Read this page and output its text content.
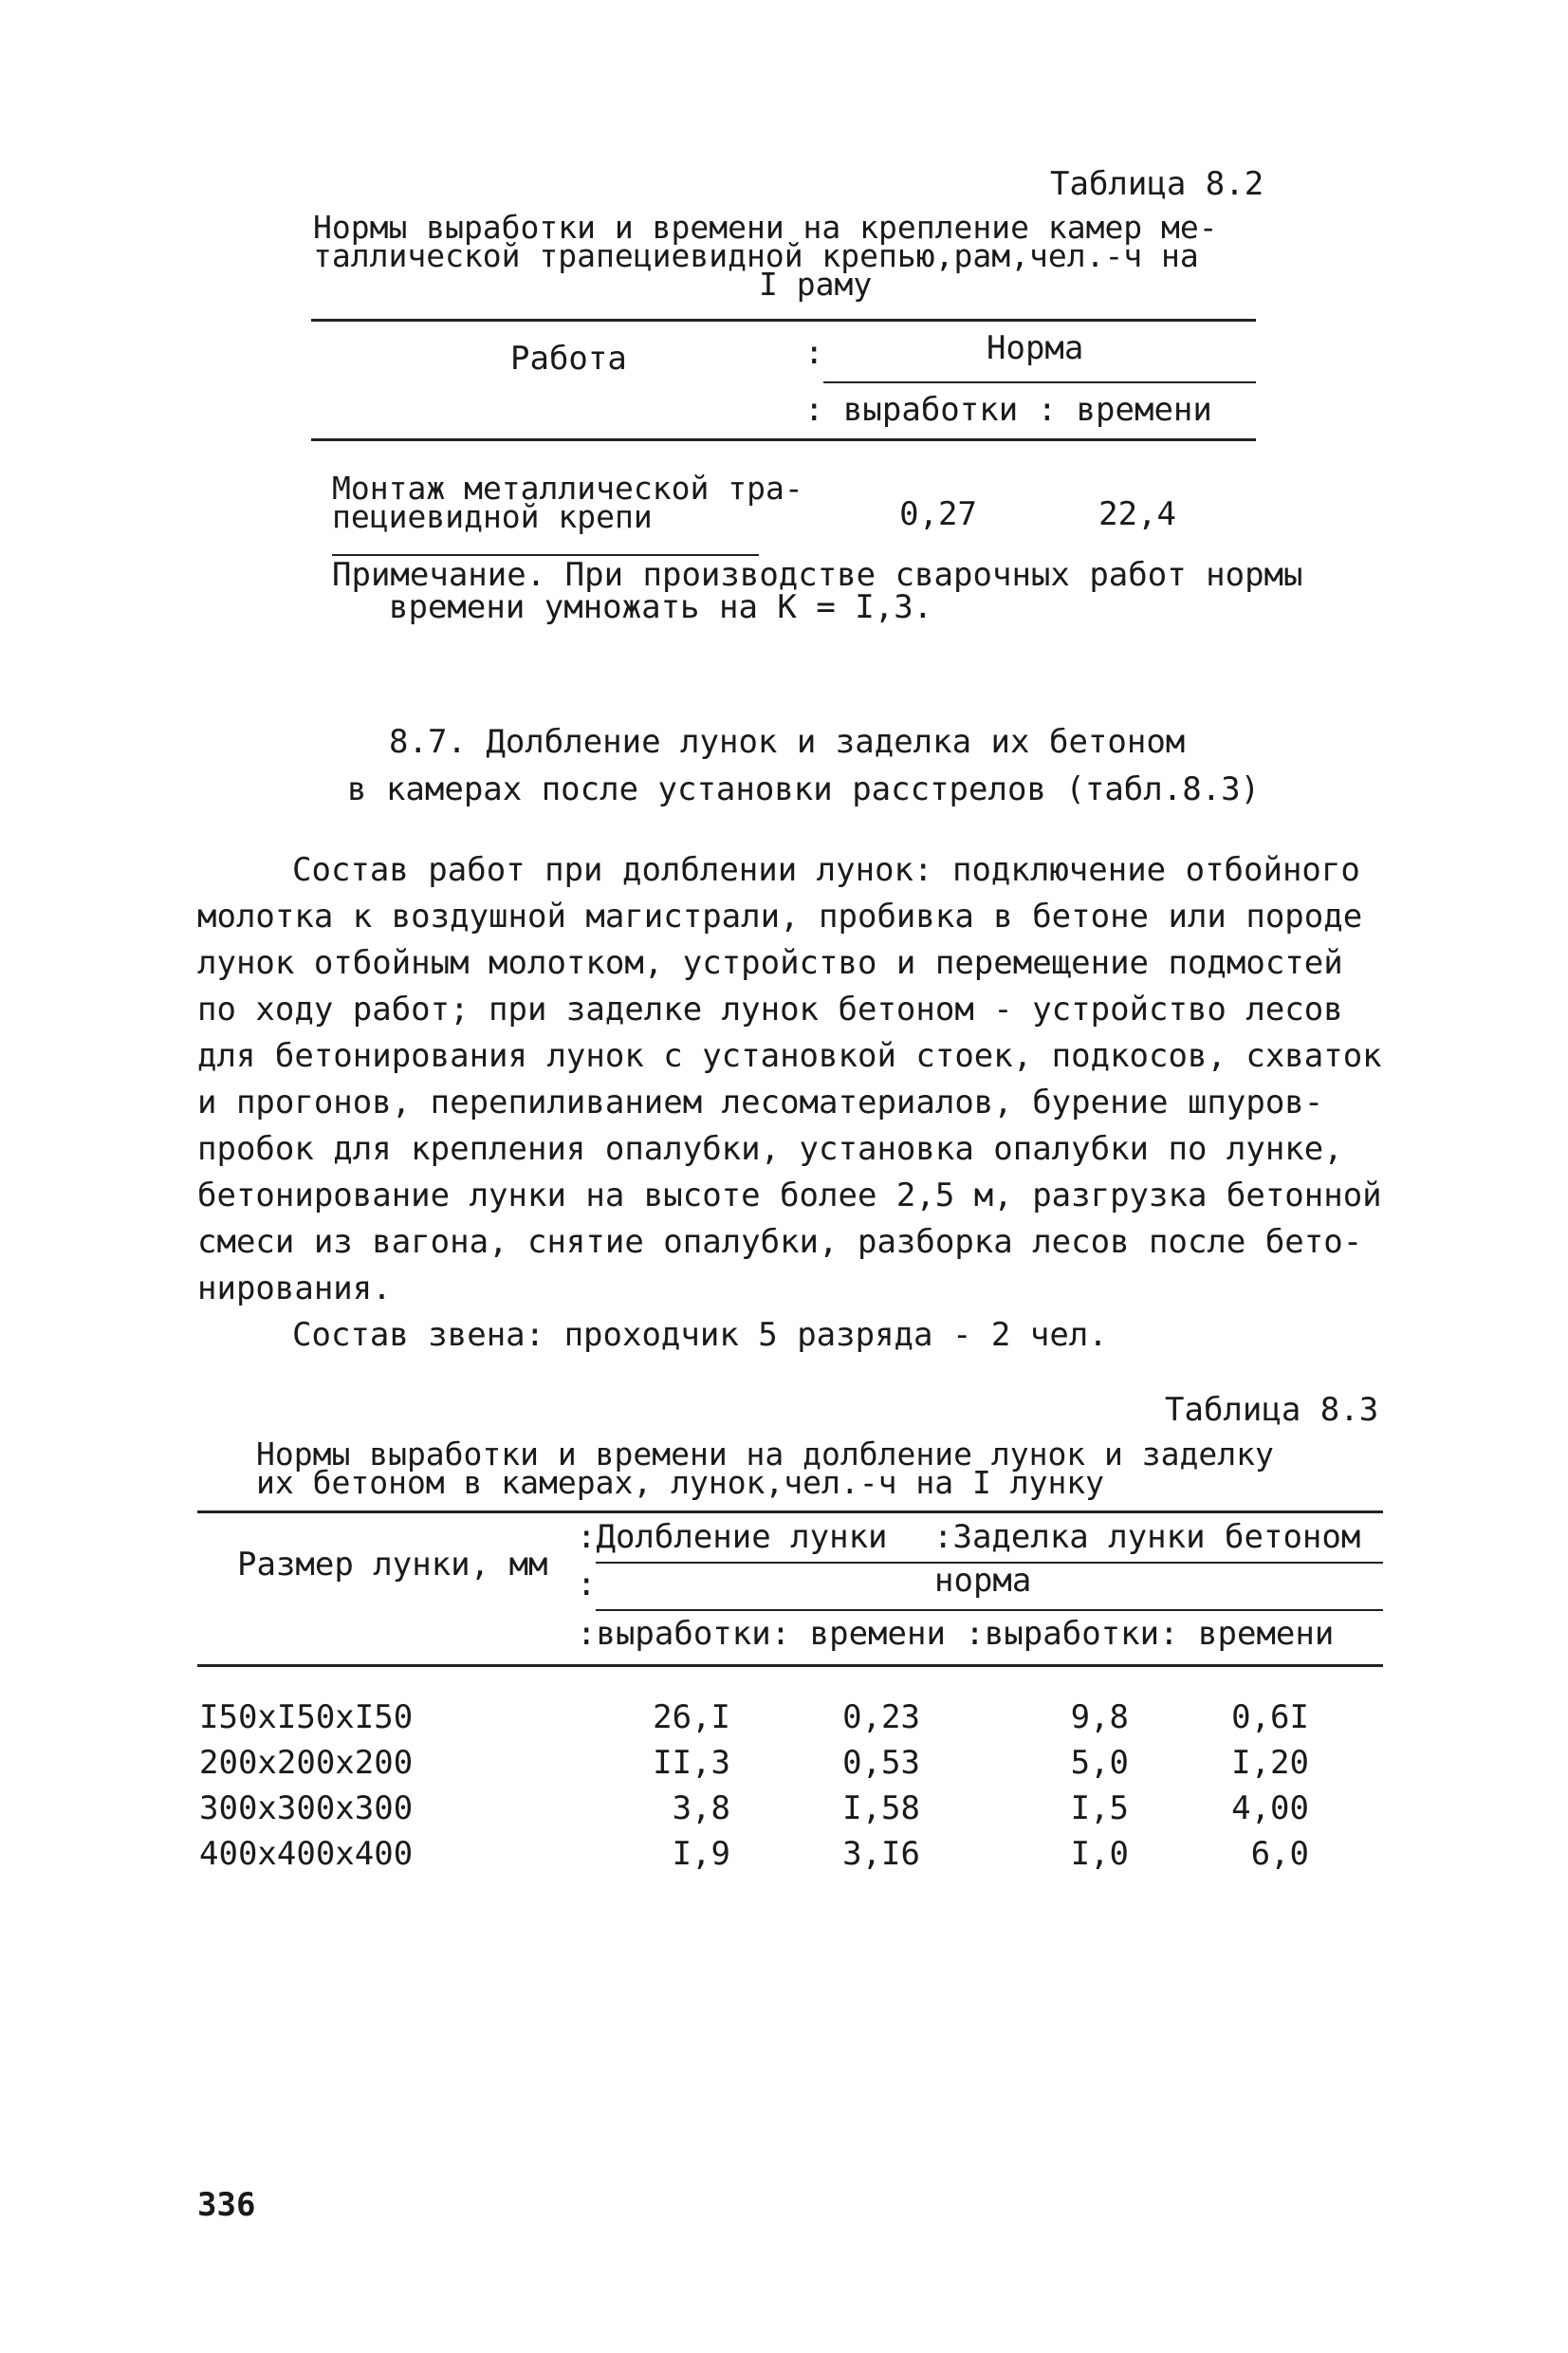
Таблица 8.2
Нормы выработки и времени на крепление камер ме-
таллической трапециевидной крепью,рам,чел.-ч на
I раму
Работа	:	Норма
: выработки : времени
Монтаж металлической тра-
пециевидной крепи	0,27	22,4
Примечание. При производстве сварочных работ нормы
времени умножать на К = I,3.
8.7. Долбление лунок и заделка их бетоном
в камерах после установки расстрелов (табл.8.3)

Состав работ при долблении лунок: подключение отбойного

молотка к воздушной магистрали, пробивка в бетоне или породе

лунок отбойным молотком, устройство и перемещение подмостей

по ходу работ; при заделке лунок бетоном - устройство лесов

для бетонирования лунок с установкой стоек, подкосов, схваток

и прогонов, перепиливанием лесоматериалов, бурение шпуров-

пробок для крепления опалубки, установка опалубки по лунке,

бетонирование лунки на высоте более 2,5 м, разгрузка бетонной

смеси из вагона, снятие опалубки, разборка лесов после бето-

нирования.

Состав звена: проходчик 5 разряда - 2 чел.

Таблица 8.3
Нормы выработки и времени на долбление лунок и заделку
их бетоном в камерах, лунок,чел.-ч на I лунку
Размер лунки, мм
:Долбление лунки :Заделка лунки бетоном
:	норма
:выработки: времени :выработки: времени
I50xI50xI50	26,I	0,23	9,8	0,6I
200x200x200	II,3	0,53	5,0	I,20
300x300x300	3,8	I,58	I,5	4,00
400x400x400	I,9	3,I6	I,0	6,0
336
